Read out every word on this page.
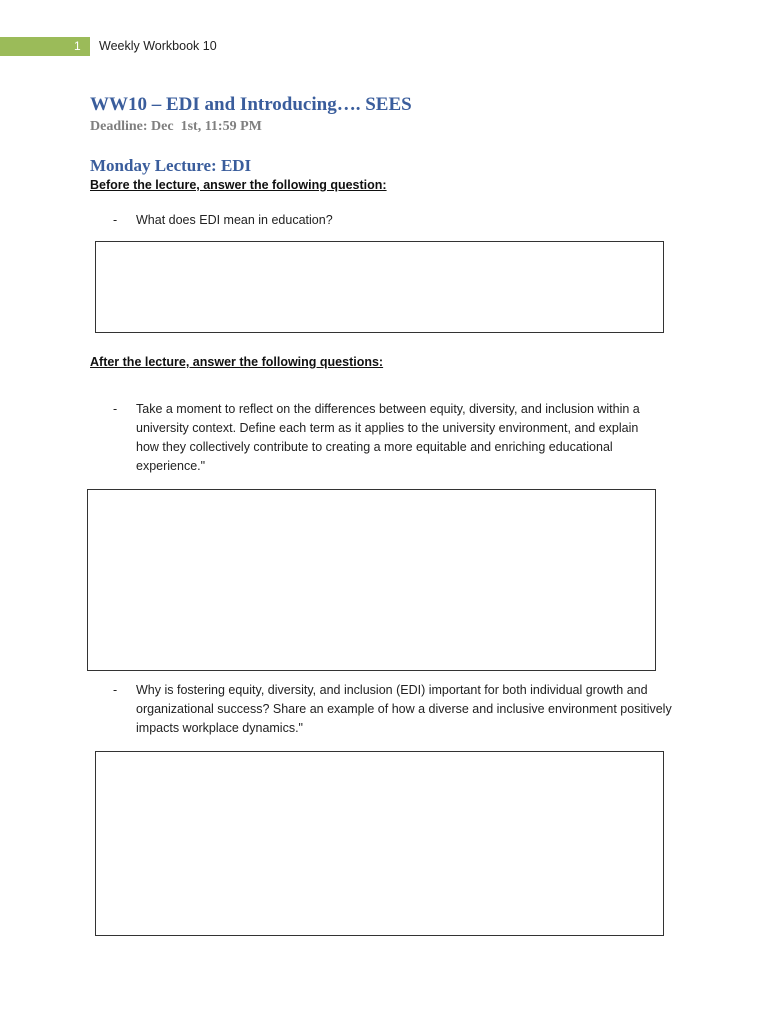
1 Weekly Workbook 10
WW10 – EDI and Introducing…. SEES
Deadline: Dec  1st, 11:59 PM
Monday Lecture: EDI
Before the lecture, answer the following question:
- What does EDI mean in education?
After the lecture, answer the following questions:
- Take a moment to reflect on the differences between equity, diversity, and inclusion within a
university context. Define each term as it applies to the university environment, and explain
how they collectively contribute to creating a more equitable and enriching educational
experience."
- Why is fostering equity, diversity, and inclusion (EDI) important for both individual growth and
organizational success? Share an example of how a diverse and inclusive environment positively
impacts workplace dynamics."
